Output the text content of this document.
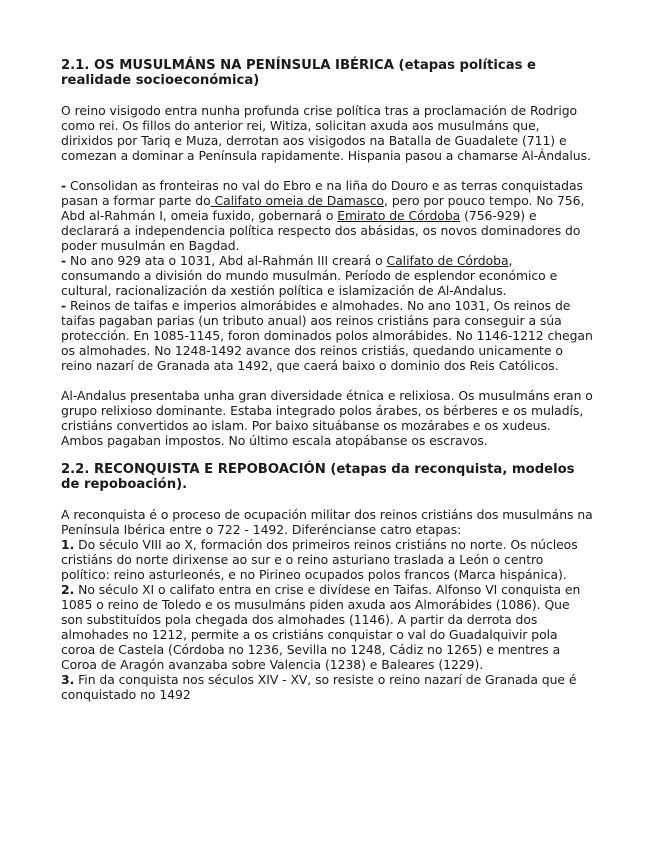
2.1. OS MUSULMÁNS NA PENÍNSULA IBÉRICA (etapas políticas e realidade socioeconómica)

O reino visigodo entra nunha profunda crise política tras a proclamación de Rodrigo como rei. Os fillos do anterior rei, Witiza, solicitan axuda aos musulmáns que, dirixidos por Tariq e Muza, derrotan aos visigodos na Batalla de Guadalete (711) e comezan a dominar a Península rapidamente. Hispania pasou a chamarse Al-Ándalus.

- Consolidan as fronteiras no val do Ebro e na liña do Douro e as terras conquistadas pasan a formar parte do Califato omeia de Damasco, pero por pouco tempo. No 756, Abd al-Rahmán I, omeia fuxido, gobernará o Emirato de Córdoba (756-929) e declarará a independencia política respecto dos abásidas, os novos dominadores do poder musulmán en Bagdad.

- No ano 929 ata o 1031, Abd al-Rahmán III creará o Califato de Córdoba, consumando a división do mundo musulmán. Período de esplendor económico e cultural, racionalización da xestión política e islamización de Al-Andalus.

- Reinos de taifas e imperios almorábides e almohades. No ano 1031, Os reinos de taifas pagaban parias (un tributo anual) aos reinos cristiáns para conseguir a súa protección. En 1085-1145, foron dominados polos almorábides. No 1146-1212 chegan os almohades. No 1248-1492 avance dos reinos cristiás, quedando unicamente o reino nazarí de Granada ata 1492, que caerá baixo o dominio dos Reis Católicos.

Al-Andalus presentaba unha gran diversidade étnica e relixiosa. Os musulmáns eran o grupo relixioso dominante. Estaba integrado polos árabes, os bérberes e os muladís, cristiáns convertidos ao islam. Por baixo situábanse os mozárabes e os xudeus. Ambos pagaban impostos. No último escala atopábanse os escravos.

2.2. RECONQUISTA E REPOBOACIÓN (etapas da reconquista, modelos de repoboación).

A reconquista é o proceso de ocupación militar dos reinos cristiáns dos musulmáns na Península Ibérica entre o 722 - 1492. Diferéncianse catro etapas:

1. Do século VIII ao X, formación dos primeiros reinos cristiáns no norte. Os núcleos cristiáns do norte dirixense ao sur e o reino asturiano traslada a León o centro político: reino asturleonés, e no Pirineo ocupados polos francos (Marca hispánica).

2. No século XI o califato entra en crise e divídese en Taifas. Alfonso VI conquista en 1085 o reino de Toledo e os musulmáns piden axuda aos Almorábides (1086). Que son substituídos pola chegada dos almohades (1146). A partir da derrota dos almohades no 1212, permite a os cristiáns conquistar o val do Guadalquivir pola coroa de Castela (Córdoba no 1236, Sevilla no 1248, Cádiz no 1265) e mentres a Coroa de Aragón avanzaba sobre Valencia (1238) e Baleares (1229).

3. Fin da conquista nos séculos XIV - XV, so resiste o reino nazarí de Granada que é conquistado no 1492
